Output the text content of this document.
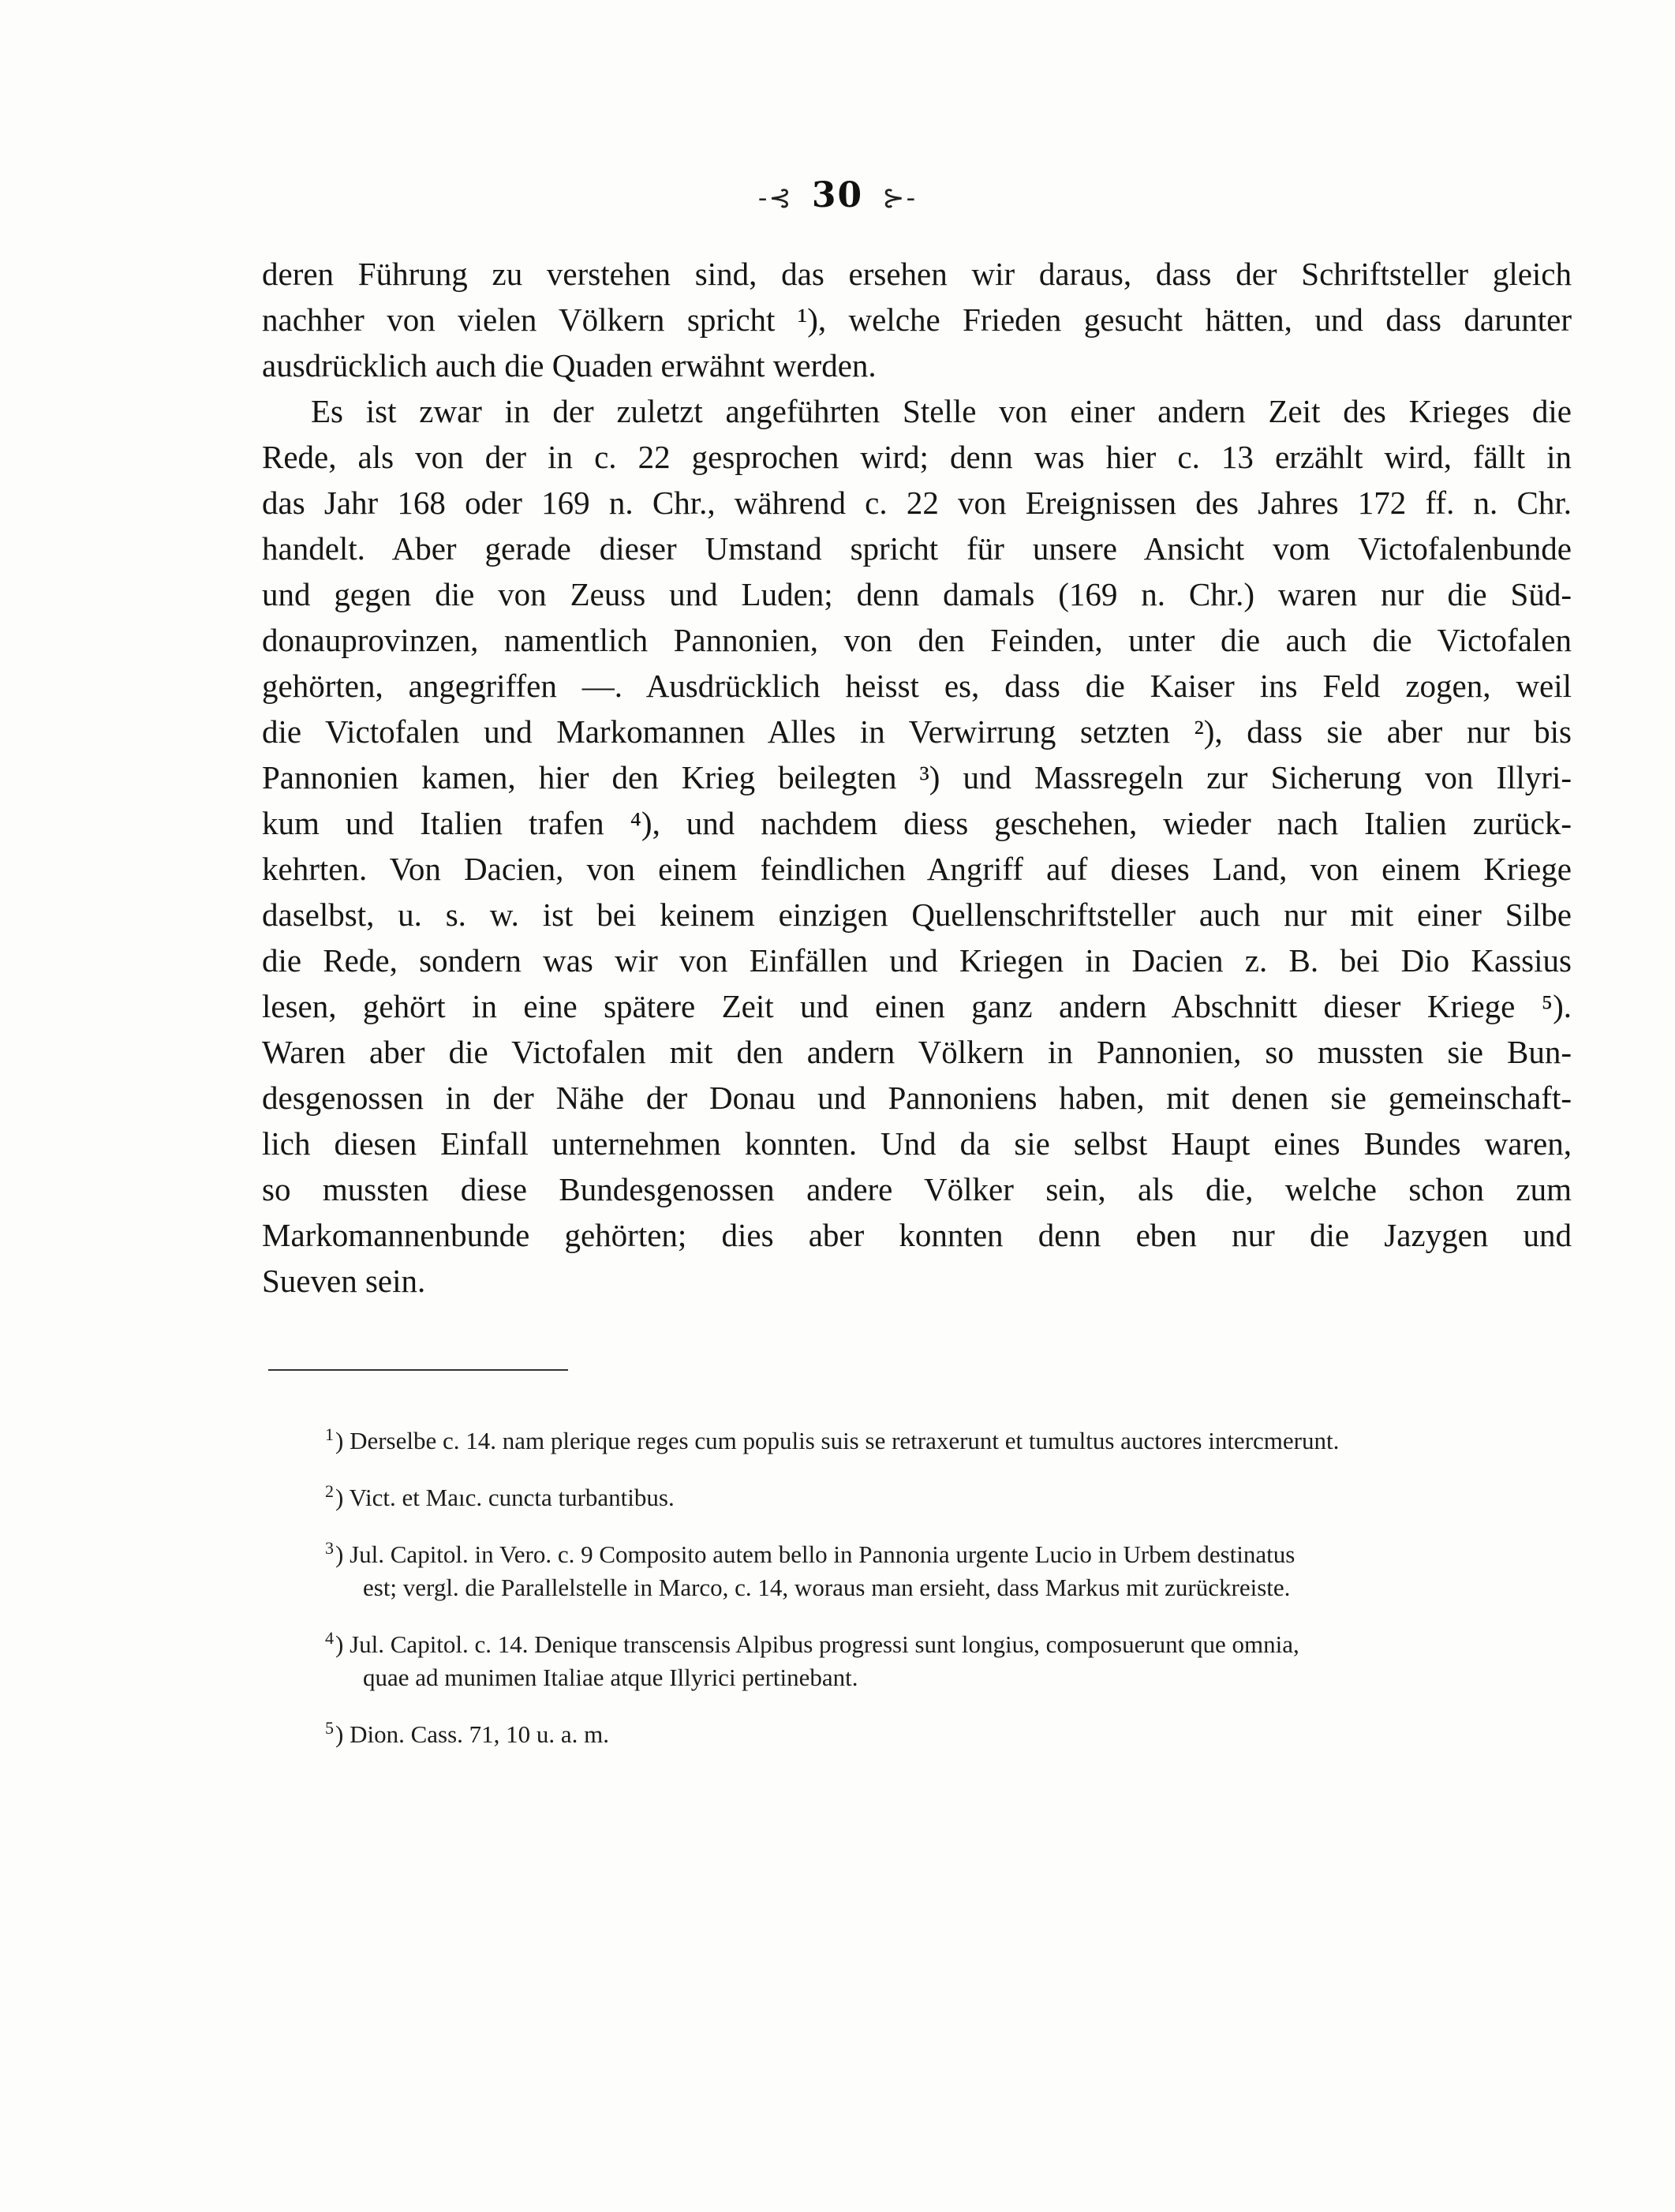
-⊰ 30 ⊱-
deren Führung zu verstehen sind, das ersehen wir daraus, dass der Schriftsteller gleich
nachher von vielen Völkern spricht ¹), welche Frieden gesucht hätten, und dass darunter
ausdrücklich auch die Quaden erwähnt werden.
Es ist zwar in der zuletzt angeführten Stelle von einer andern Zeit des Krieges die
Rede, als von der in c. 22 gesprochen wird; denn was hier c. 13 erzählt wird, fällt in
das Jahr 168 oder 169 n. Chr., während c. 22 von Ereignissen des Jahres 172 ff. n. Chr.
handelt. Aber gerade dieser Umstand spricht für unsere Ansicht vom Victofalenbunde
und gegen die von Zeuss und Luden; denn damals (169 n. Chr.) waren nur die Süd-
donauprovinzen, namentlich Pannonien, von den Feinden, unter die auch die Victofalen
gehörten, angegriffen —. Ausdrücklich heisst es, dass die Kaiser ins Feld zogen, weil
die Victofalen und Markomannen Alles in Verwirrung setzten ²), dass sie aber nur bis
Pannonien kamen, hier den Krieg beilegten ³) und Massregeln zur Sicherung von Illyri-
kum und Italien trafen ⁴), und nachdem diess geschehen, wieder nach Italien zurück-
kehrten. Von Dacien, von einem feindlichen Angriff auf dieses Land, von einem Kriege
daselbst, u. s. w. ist bei keinem einzigen Quellenschriftsteller auch nur mit einer Silbe
die Rede, sondern was wir von Einfällen und Kriegen in Dacien z. B. bei Dio Kassius
lesen, gehört in eine spätere Zeit und einen ganz andern Abschnitt dieser Kriege ⁵).
Waren aber die Victofalen mit den andern Völkern in Pannonien, so mussten sie Bun-
desgenossen in der Nähe der Donau und Pannoniens haben, mit denen sie gemeinschaft-
lich diesen Einfall unternehmen konnten. Und da sie selbst Haupt eines Bundes waren,
so mussten diese Bundesgenossen andere Völker sein, als die, welche schon zum
Markomannenbunde gehörten; dies aber konnten denn eben nur die Jazygen und
Sueven sein.
$^1$) Derselbe c. 14. nam plerique reges cum populis suis se retraxerunt et tumultus auctores intercmerunt.
$^2$) Vict. et Maıc. cuncta turbantibus.
$^3$) Jul. Capitol. in Vero. c. 9 Composito autem bello in Pannonia urgente Lucio in Urbem destinatus
est; vergl. die Parallelstelle in Marco, c. 14, woraus man ersieht, dass Markus mit zurückreiste.
$^4$) Jul. Capitol. c. 14. Denique transcensis Alpibus progressi sunt longius, composuerunt que omnia,
quae ad munimen Italiae atque Illyrici pertinebant.
$^5$) Dion. Cass. 71, 10 u. a. m.
